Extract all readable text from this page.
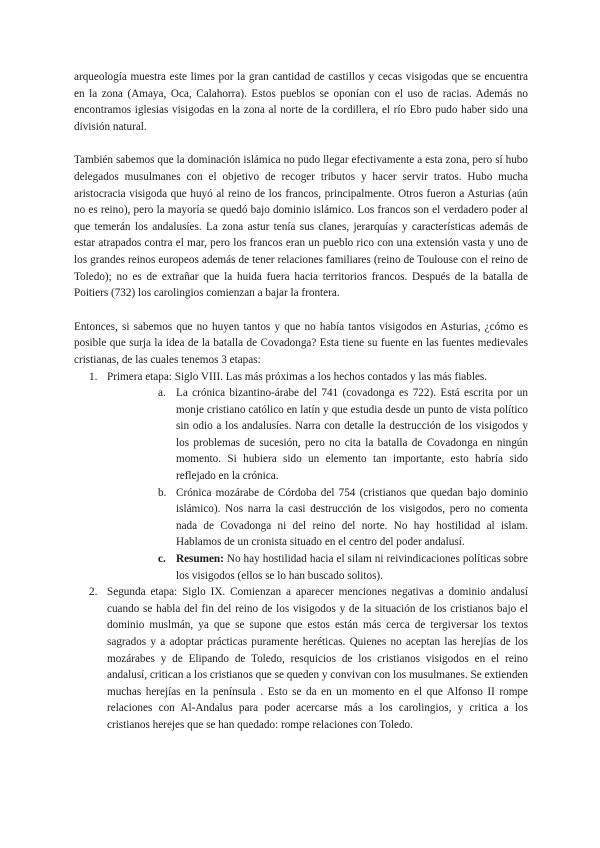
arqueología muestra este limes por la gran cantidad de castillos y cecas visigodas que se encuentra en la zona (Amaya, Oca, Calahorra). Estos pueblos se oponían con el uso de racias. Además no encontramos iglesias visigodas en la zona al norte de la cordillera, el río Ebro pudo haber sido una división natural.

También sabemos que la dominación islámica no pudo llegar efectivamente a esta zona, pero sí hubo delegados musulmanes con el objetivo de recoger tributos y hacer servir tratos. Hubo mucha aristocracia visigoda que huyó al reino de los francos, principalmente. Otros fueron a Asturias (aún no es reino), pero la mayoría se quedó bajo dominio islámico. Los francos son el verdadero poder al que temerán los andalusíes. La zona astur tenía sus clanes, jerarquías y características además de estar atrapados contra el mar, pero los francos eran un pueblo rico con una extensión vasta y uno de los grandes reinos europeos además de tener relaciones familiares (reino de Toulouse con el reino de Toledo); no es de extrañar que la huida fuera hacia territorios francos. Después de la batalla de Poitiers (732) los carolingios comienzan a bajar la frontera.

Entonces, si sabemos que no huyen tantos y que no había tantos visigodos en Asturias, ¿cómo es posible que surja la idea de la batalla de Covadonga? Esta tiene su fuente en las fuentes medievales cristianas, de las cuales tenemos 3 etapas:

1. Primera etapa: Siglo VIII. Las más próximas a los hechos contados y las más fiables.
a. La crónica bizantino-árabe del 741 (covadonga es 722). Está escrita por un monje cristiano católico en latín y que estudia desde un punto de vista político sin odio a los andalusíes. Narra con detalle la destrucción de los visigodos y los problemas de sucesión, pero no cita la batalla de Covadonga en ningún momento. Si hubiera sido un elemento tan importante, esto habría sido reflejado en la crónica.
b. Crónica mozárabe de Córdoba del 754 (cristianos que quedan bajo dominio islámico). Nos narra la casi destrucción de los visigodos, pero no comenta nada de Covadonga ni del reino del norte. No hay hostilidad al islam. Hablamos de un cronista situado en el centro del poder andalusí.
c. Resumen: No hay hostilidad hacia el silam ni reivindicaciones políticas sobre los visigodos (ellos se lo han buscado solitos).
2. Segunda etapa: Siglo IX. Comienzan a aparecer menciones negativas a dominio andalusí cuando se habla del fin del reino de los visigodos y de la situación de los cristianos bajo el dominio muslmán, ya que se supone que estos están más cerca de tergiversar los textos sagrados y a adoptar prácticas puramente heréticas. Quienes no aceptan las herejías de los mozárabes y de Elipando de Toledo, resquicios de los cristianos visigodos en el reino andalusí, critican a los cristianos que se queden y convivan con los musulmanes. Se extienden muchas herejías en la península . Esto se da en un momento en el que Alfonso II rompe relaciones con Al-Andalus para poder acercarse más a los carolingios, y critica a los cristianos herejes que se han quedado: rompe relaciones con Toledo.
